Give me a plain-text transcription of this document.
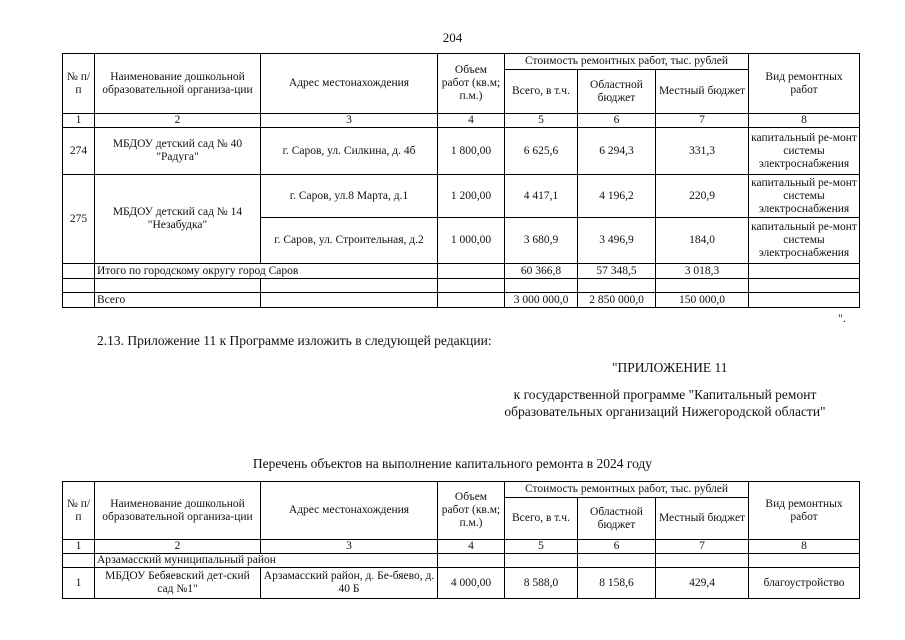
204
№ п/п	Наименование дошкольной образовательной организа-ции	Адрес местонахождения	Объем работ (кв.м; п.м.)	Стоимость ремонтных работ, тыс. рублей			Вид ремонтных работ
				Всего, в т.ч.	Областной бюджет	Местный бюджет	
1	2	3	4	5	6	7	8
274	МБДОУ детский сад № 40 "Радуга"	г. Саров, ул. Силкина, д. 4б	1 800,00	6 625,6	6 294,3	331,3	капитальный ре-монт системы электроснабжения
275	МБДОУ детский сад № 14 "Незабудка"	г. Саров, ул.8 Марта, д.1	1 200,00	4 417,1	4 196,2	220,9	капитальный ре-монт системы электроснабжения
		г. Саров, ул. Строительная, д.2	1 000,00	3 680,9	3 496,9	184,0	капитальный ре-монт системы электроснабжения
	Итого по городскому округу город Саров			60 366,8	57 348,5	3 018,3	

	Всего			3 000 000,0	2 850 000,0	150 000,0	
".
2.13. Приложение 11 к Программе изложить в следующей редакции:
"ПРИЛОЖЕНИЕ 11
к государственной программе "Капитальный ремонт образовательных организаций Нижегородской области"
Перечень объектов на выполнение капитального ремонта в 2024 году
№ п/п	Наименование дошкольной образовательной организа-ции	Адрес местонахождения	Объем работ (кв.м; п.м.)	Стоимость ремонтных работ, тыс. рублей			Вид ремонтных работ
				Всего, в т.ч.	Областной бюджет	Местный бюджет	
1	2	3	4	5	6	7	8
	Арзамасский муниципальный район						
1	МБДОУ Бебяевский дет-ский сад №1"	Арзамасский район, д. Бе-бяево, д. 40 Б	4 000,00	8 588,0	8 158,6	429,4	благоустройство
